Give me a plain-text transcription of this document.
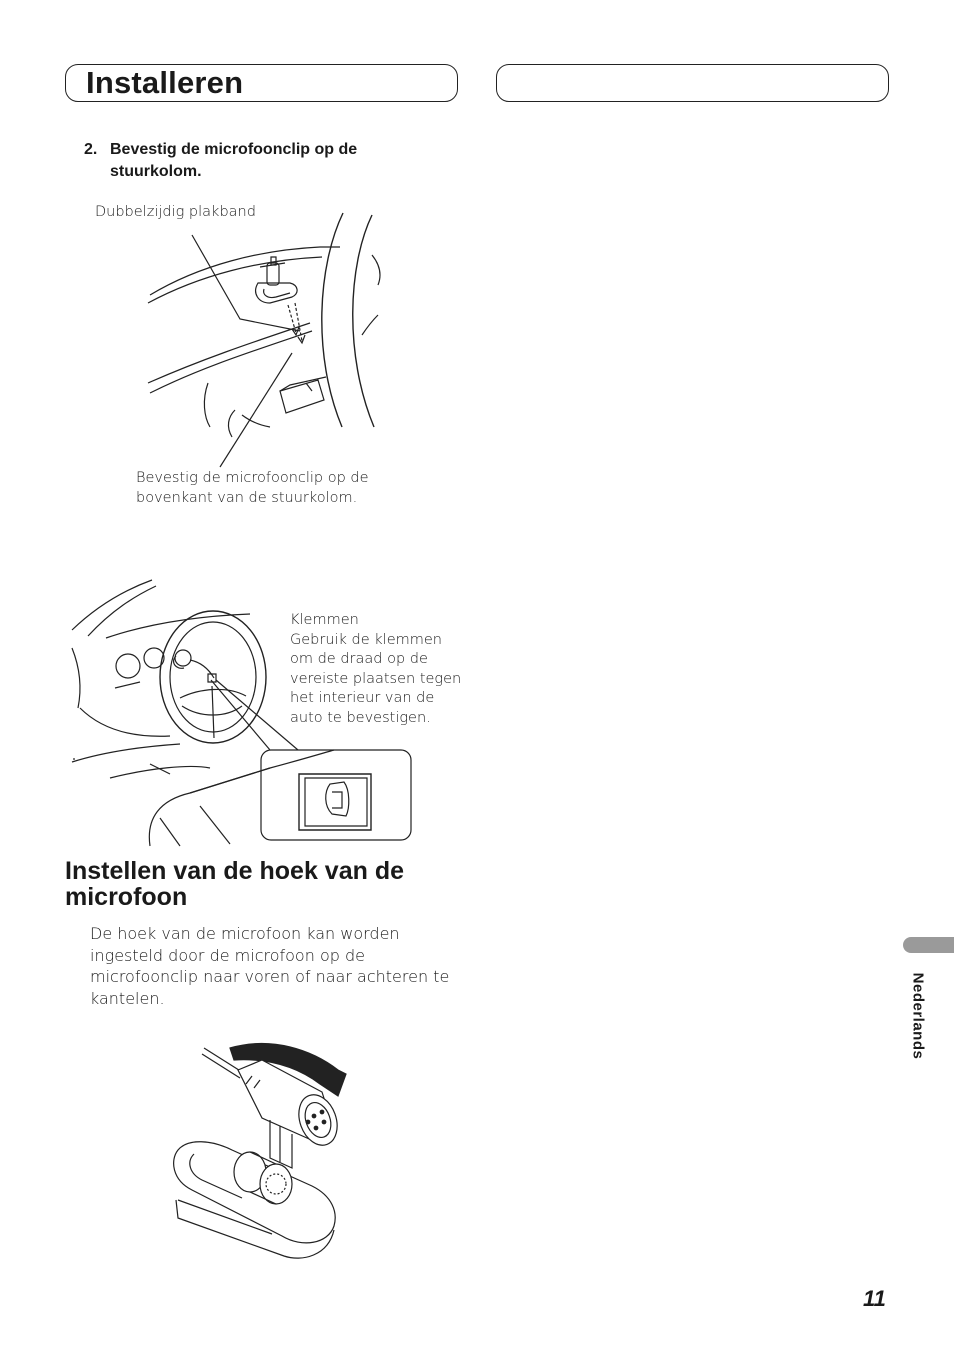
Installeren
2. Bevestig de microfoonclip op de stuurkolom.

Dubbelzijdig plakband

Bevestig de microfoonclip op de bovenkant van de stuurkolom.

Klemmen
Gebruik de klemmen om de draad op de vereiste plaatsen tegen het interieur van de auto te bevestigen.

Instellen van de hoek van de microfoon

De hoek van de microfoon kan worden ingesteld door de microfoon op de microfoonclip naar voren of naar achteren te kantelen.	Nederlands

11
